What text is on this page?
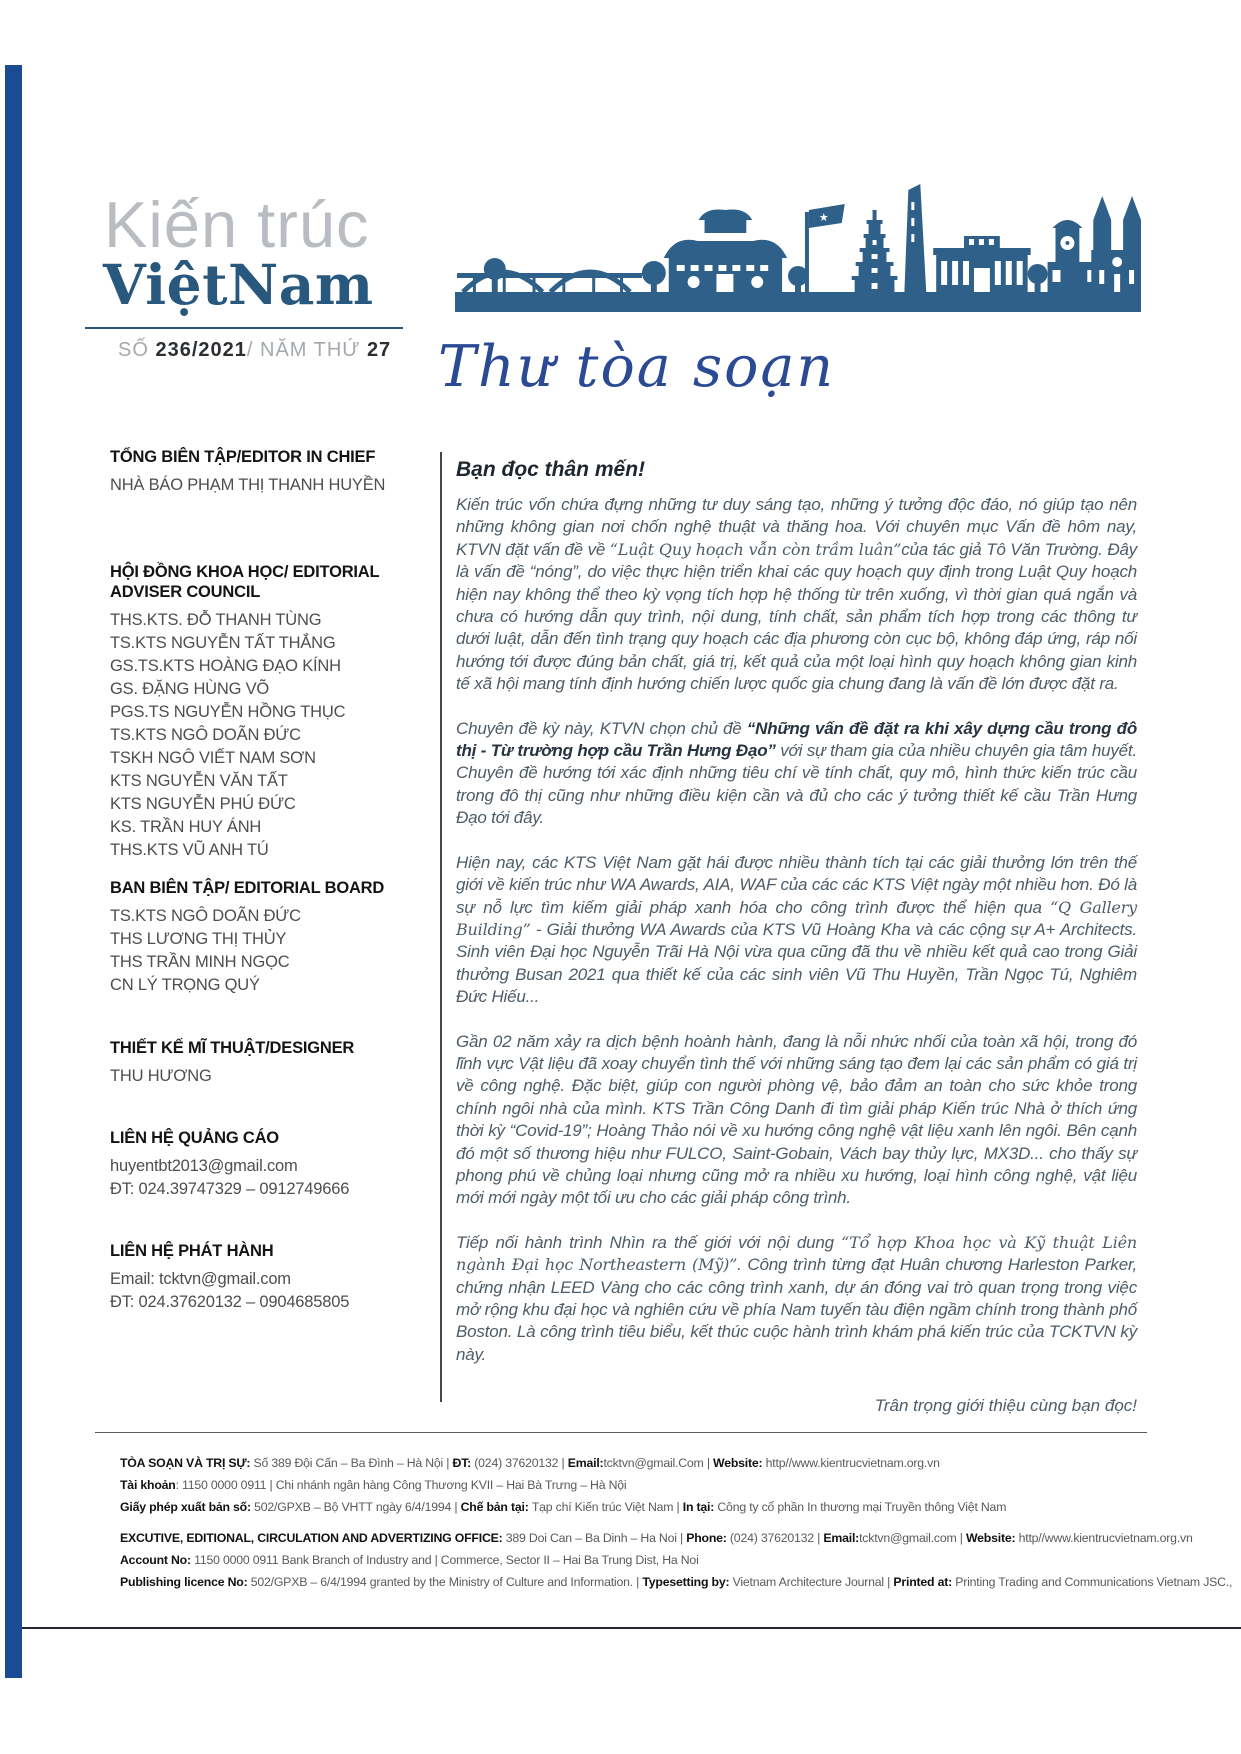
Kiến trúc
ViệtNam
SỐ 236/2021/ NĂM THỨ 27
★
Thư tòa soạn

TỔNG BIÊN TẬP/EDITOR IN CHIEF

NHÀ BÁO PHẠM THỊ THANH HUYỀN

HỘI ĐỒNG KHOA HỌC/ EDITORIAL ADVISER COUNCIL

THS.KTS. ĐỖ THANH TÙNG
TS.KTS NGUYỄN TẤT THẮNG
GS.TS.KTS HOÀNG ĐẠO KÍNH
GS. ĐẶNG HÙNG VÕ
PGS.TS NGUYỄN HỒNG THỤC
TS.KTS NGÔ DOÃN ĐỨC
TSKH NGÔ VIẾT NAM SƠN
KTS NGUYỄN VĂN TẤT
KTS NGUYỄN PHÚ ĐỨC
KS. TRẦN HUY ÁNH
THS.KTS VŨ ANH TÚ

BAN BIÊN TẬP/ EDITORIAL BOARD

TS.KTS NGÔ DOÃN ĐỨC
THS LƯƠNG THỊ THỦY
THS TRẦN MINH NGỌC
CN LÝ TRỌNG QUÝ

THIẾT KẾ MĨ THUẬT/DESIGNER

THU HƯƠNG

LIÊN HỆ QUẢNG CÁO

huyentbt2013@gmail.com
ĐT: 024.39747329 – 0912749666

LIÊN HỆ PHÁT HÀNH

Email: tcktvn@gmail.com
ĐT: 024.37620132 – 0904685805

Bạn đọc thân mến!

Kiến trúc vốn chứa đựng những tư duy sáng tạo, những ý tưởng độc đáo, nó giúp tạo nên những không gian nơi chốn nghệ thuật và thăng hoa. Với chuyên mục Vấn đề hôm nay, KTVN đặt vấn đề về “Luật Quy hoạch vẫn còn trầm luân”của tác giả Tô Văn Trường. Đây là vấn đề “nóng”, do việc thực hiện triển khai các quy hoạch quy định trong Luật Quy hoạch hiện nay không thể theo kỳ vọng tích hợp hệ thống từ trên xuống, vì thời gian quá ngắn và chưa có hướng dẫn quy trình, nội dung, tính chất, sản phẩm tích hợp trong các thông tư dưới luật, dẫn đến tình trạng quy hoạch các địa phương còn cục bộ, không đáp ứng, ráp nối hướng tới được đúng bản chất, giá trị, kết quả của một loại hình quy hoạch không gian kinh tế xã hội mang tính định hướng chiến lược quốc gia chung đang là vấn đề lớn được đặt ra.

Chuyên đề kỳ này, KTVN chọn chủ đề “Những vấn đề đặt ra khi xây dựng cầu trong đô thị - Từ trường hợp cầu Trần Hưng Đạo” với sự tham gia của nhiều chuyên gia tâm huyết. Chuyên đề hướng tới xác định những tiêu chí về tính chất, quy mô, hình thức kiến trúc cầu trong đô thị cũng như những điều kiện cần và đủ cho các ý tưởng thiết kế cầu Trần Hưng Đạo tới đây.

Hiện nay, các KTS Việt Nam gặt hái được nhiều thành tích tại các giải thưởng lớn trên thế giới về kiến trúc như WA Awards, AIA, WAF của các các KTS Việt ngày một nhiều hơn. Đó là sự nỗ lực tìm kiếm giải pháp xanh hóa cho công trình được thể hiện qua “Q Gallery Building” - Giải thưởng WA Awards của KTS Vũ Hoàng Kha và các cộng sự A+ Architects. Sinh viên Đại học Nguyễn Trãi Hà Nội vừa qua cũng đã thu về nhiều kết quả cao trong Giải thưởng Busan 2021 qua thiết kế của các sinh viên Vũ Thu Huyền, Trần Ngọc Tú, Nghiêm Đức Hiếu...

Gần 02 năm xảy ra dịch bệnh hoành hành, đang là nỗi nhức nhối của toàn xã hội, trong đó lĩnh vực Vật liệu đã xoay chuyển tình thế với những sáng tạo đem lại các sản phẩm có giá trị về công nghệ. Đặc biệt, giúp con người phòng vệ, bảo đảm an toàn cho sức khỏe trong chính ngôi nhà của mình. KTS Trần Công Danh đi tìm giải pháp Kiến trúc Nhà ở thích ứng thời kỳ “Covid-19”; Hoàng Thảo nói về xu hướng công nghệ vật liệu xanh lên ngôi. Bên cạnh đó một số thương hiệu như FULCO, Saint-Gobain, Vách bay thủy lực, MX3D... cho thấy sự phong phú về chủng loại nhưng cũng mở ra nhiều xu hướng, loại hình công nghệ, vật liệu mới mới ngày một tối ưu cho các giải pháp công trình.

Tiếp nối hành trình Nhìn ra thế giới với nội dung “Tổ hợp Khoa học và Kỹ thuật Liên ngành Đại học Northeastern (Mỹ)”. Công trình từng đạt Huân chương Harleston Parker, chứng nhận LEED Vàng cho các công trình xanh, dự án đóng vai trò quan trọng trong việc mở rộng khu đại học và nghiên cứu về phía Nam tuyến tàu điện ngầm chính trong thành phố Boston. Là công trình tiêu biểu, kết thúc cuộc hành trình khám phá kiến trúc của TCKTVN kỳ này.

Trân trọng giới thiệu cùng bạn đọc!

TÒA SOẠN VÀ TRỊ SỰ: Số 389 Đội Cấn – Ba Đình – Hà Nội | ĐT: (024) 37620132 | Email:tcktvn@gmail.Com | Website: http//www.kientrucvietnam.org.vn

Tài khoản: 1150 0000 0911 | Chi nhánh ngân hàng Công Thương KVII – Hai Bà Trưng – Hà Nội

Giấy phép xuất bản số: 502/GPXB – Bộ VHTT ngày 6/4/1994 | Chế bản tại: Tạp chí Kiến trúc Việt Nam | In tại: Công ty cổ phần In thương mại Truyền thông Việt Nam

EXCUTIVE, EDITIONAL, CIRCULATION AND ADVERTIZING OFFICE: 389 Doi Can – Ba Dinh – Ha Noi | Phone: (024) 37620132 | Email:tcktvn@gmail.com | Website: http//www.kientrucvietnam.org.vn

Account No: 1150 0000 0911 Bank Branch of Industry and | Commerce, Sector II – Hai Ba Trung Dist, Ha Noi

Publishing licence No: 502/GPXB – 6/4/1994 granted by the Ministry of Culture and Information. | Typesetting by: Vietnam Architecture Journal | Printed at: Printing Trading and Communications Vietnam JSC.,
